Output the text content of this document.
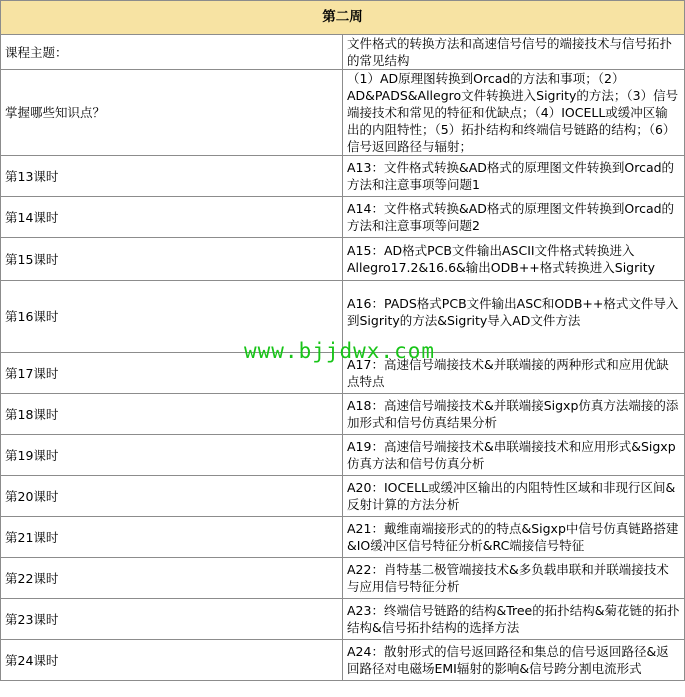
第二周	
课程主题：	文件格式的转换方法和高速信号信号的端接技术与信号拓扑的常见结构
掌握哪些知识点？	（1）AD原理图转换到Orcad的方法和事项；（2）AD&PADS&Allegro文件转换进入Sigrity的方法；（3）信号端接技术和常见的特征和优缺点；（4）IOCELL或缓冲区输出的内阻特性；（5）拓扑结构和终端信号链路的结构；（6）信号返回路径与辐射；
第13课时	A13：文件格式转换&AD格式的原理图文件转换到Orcad的方法和注意事项等问题1
第14课时	A14：文件格式转换&AD格式的原理图文件转换到Orcad的方法和注意事项等问题2
第15课时	A15：AD格式PCB文件输出ASCII文件格式转换进入Allegro17.2&16.6&输出ODB++格式转换进入Sigrity
第16课时	A16：PADS格式PCB文件输出ASC和ODB++格式文件导入到Sigrity的方法&Sigrity导入AD文件方法
第17课时	A17：高速信号端接技术&并联端接的两种形式和应用优缺点特点
第18课时	A18：高速信号端接技术&并联端接Sigxp仿真方法端接的添加形式和信号仿真结果分析
第19课时	A19：高速信号端接技术&串联端接技术和应用形式&Sigxp仿真方法和信号仿真分析
第20课时	A20：IOCELL或缓冲区输出的内阻特性区域和非现行区间&反射计算的方法分析
第21课时	A21：戴维南端接形式的的特点&Sigxp中信号仿真链路搭建&IO缓冲区信号特征分析&RC端接信号特征
第22课时	A22：肖特基二极管端接技术&多负载串联和并联端接技术与应用信号特征分析
第23课时	A23：终端信号链路的结构&Tree的拓扑结构&菊花链的拓扑结构&信号拓扑结构的选择方法
第24课时	A24：散射形式的信号返回路径和集总的信号返回路径&返回路径对电磁场EMI辐射的影响&信号跨分割电流形式
www.bjjdwx.com
